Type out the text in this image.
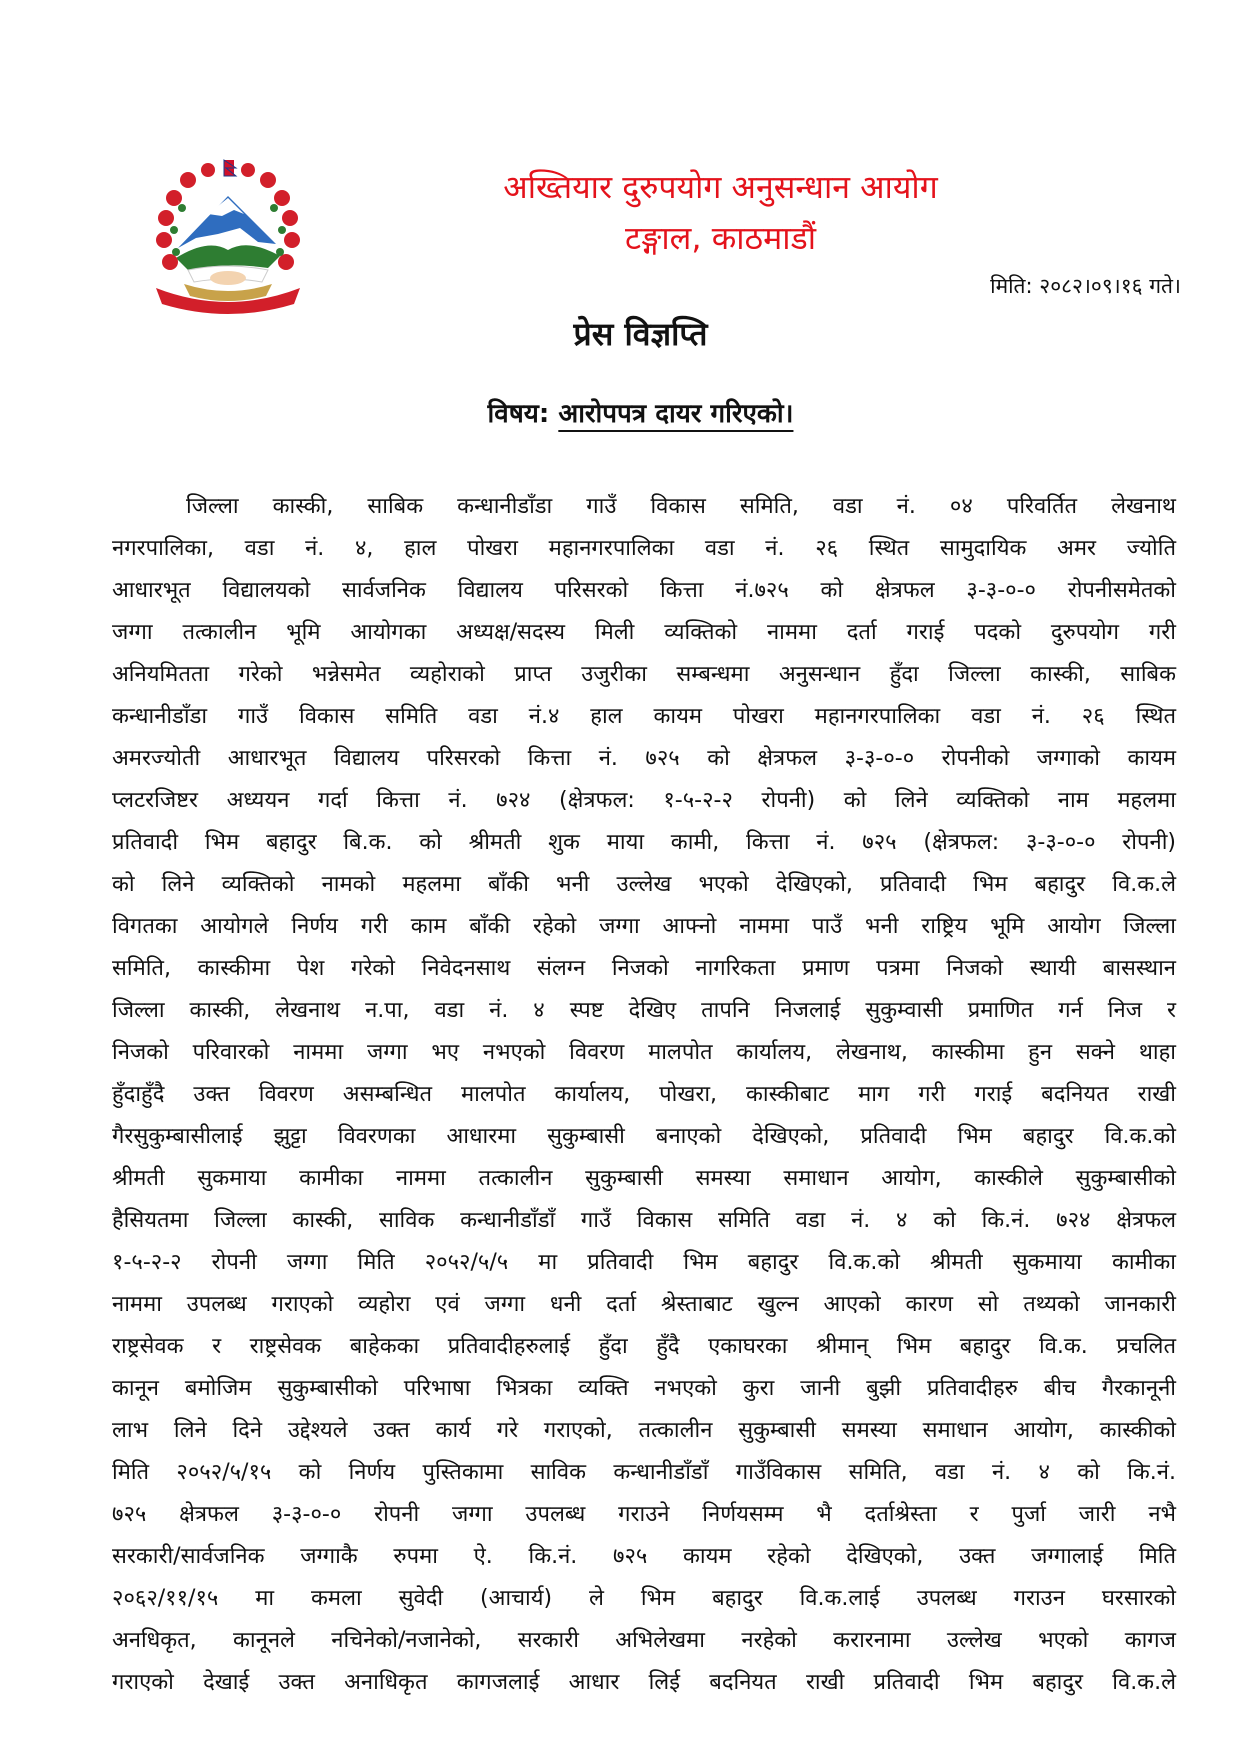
अख्तियार दुरुपयोग अनुसन्धान आयोग
टङ्गाल, काठमाडौं
मिति: २०८२।०९।१६ गते।
प्रेस विज्ञप्ति
विषय: आरोपपत्र दायर गरिएको।
जिल्ला कास्की, साबिक कन्धानीडाँडा गाउँ विकास समिति, वडा नं. ०४ परिवर्तित लेखनाथ
नगरपालिका, वडा नं. ४, हाल पोखरा महानगरपालिका वडा नं. २६ स्थित सामुदायिक अमर ज्योति
आधारभूत विद्यालयको सार्वजनिक विद्यालय परिसरको कित्ता नं.७२५ को क्षेत्रफल ३-३-०-० रोपनीसमेतको
जग्गा तत्कालीन भूमि आयोगका अध्यक्ष/सदस्य मिली व्यक्तिको नाममा दर्ता गराई पदको दुरुपयोग गरी
अनियमितता गरेको भन्नेसमेत व्यहोराको प्राप्त उजुरीका सम्बन्धमा अनुसन्धान हुँदा जिल्ला कास्की, साबिक
कन्धानीडाँडा गाउँ विकास समिति वडा नं.४ हाल कायम पोखरा महानगरपालिका वडा नं. २६ स्थित
अमरज्योती आधारभूत विद्यालय परिसरको कित्ता नं. ७२५ को क्षेत्रफल ३-३-०-० रोपनीको जग्गाको कायम
प्लटरजिष्टर अध्ययन गर्दा कित्ता नं. ७२४ (क्षेत्रफल: १-५-२-२ रोपनी) को लिने व्यक्तिको नाम महलमा
प्रतिवादी भिम बहादुर बि.क. को श्रीमती शुक माया कामी, कित्ता नं. ७२५ (क्षेत्रफल: ३-३-०-० रोपनी)
को लिने व्यक्तिको नामको महलमा बाँकी भनी उल्लेख भएको देखिएको, प्रतिवादी भिम बहादुर वि.क.ले
विगतका आयोगले निर्णय गरी काम बाँकी रहेको जग्गा आफ्नो नाममा पाउँ भनी राष्ट्रिय भूमि आयोग जिल्ला
समिति, कास्कीमा पेश गरेको निवेदनसाथ संलग्न निजको नागरिकता प्रमाण पत्रमा निजको स्थायी बासस्थान
जिल्ला कास्की, लेखनाथ न.पा, वडा नं. ४ स्पष्ट देखिए तापनि निजलाई सुकुम्वासी प्रमाणित गर्न निज र
निजको परिवारको नाममा जग्गा भए नभएको विवरण मालपोत कार्यालय, लेखनाथ, कास्कीमा हुन सक्ने थाहा
हुँदाहुँदै उक्त विवरण असम्बन्धित मालपोत कार्यालय, पोखरा, कास्कीबाट माग गरी गराई बदनियत राखी
गैरसुकुम्बासीलाई झुट्टा विवरणका आधारमा सुकुम्बासी बनाएको देखिएको, प्रतिवादी भिम बहादुर वि.क.को
श्रीमती सुकमाया कामीका नाममा तत्कालीन सुकुम्बासी समस्या समाधान आयोग, कास्कीले सुकुम्बासीको
हैसियतमा जिल्ला कास्की, साविक कन्धानीडाँडाँ गाउँ विकास समिति वडा नं. ४ को कि.नं. ७२४ क्षेत्रफल
१-५-२-२ रोपनी जग्गा मिति २०५२/५/५ मा प्रतिवादी भिम बहादुर वि.क.को श्रीमती सुकमाया कामीका
नाममा उपलब्ध गराएको व्यहोरा एवं जग्गा धनी दर्ता श्रेस्ताबाट खुल्न आएको कारण सो तथ्यको जानकारी
राष्ट्रसेवक र राष्ट्रसेवक बाहेकका प्रतिवादीहरुलाई हुँदा हुँदै एकाघरका श्रीमान् भिम बहादुर वि.क. प्रचलित
कानून बमोजिम सुकुम्बासीको परिभाषा भित्रका व्यक्ति नभएको कुरा जानी बुझी प्रतिवादीहरु बीच गैरकानूनी
लाभ लिने दिने उद्देश्यले उक्त कार्य गरे गराएको, तत्कालीन सुकुम्बासी समस्या समाधान आयोग, कास्कीको
मिति २०५२/५/१५ को निर्णय पुस्तिकामा साविक कन्धानीडाँडाँ गाउँविकास समिति, वडा नं. ४ को कि.नं.
७२५ क्षेत्रफल ३-३-०-० रोपनी जग्गा उपलब्ध गराउने निर्णयसम्म भै दर्ताश्रेस्ता र पुर्जा जारी नभै
सरकारी/सार्वजनिक जग्गाकै रुपमा ऐ. कि.नं. ७२५ कायम रहेको देखिएको, उक्त जग्गालाई मिति
२०६२/११/१५ मा कमला सुवेदी (आचार्य) ले भिम बहादुर वि.क.लाई उपलब्ध गराउन घरसारको
अनधिकृत, कानूनले नचिनेको/नजानेको, सरकारी अभिलेखमा नरहेको करारनामा उल्लेख भएको कागज
गराएको देखाई उक्त अनाधिकृत कागजलाई आधार लिई बदनियत राखी प्रतिवादी भिम बहादुर वि.क.ले
